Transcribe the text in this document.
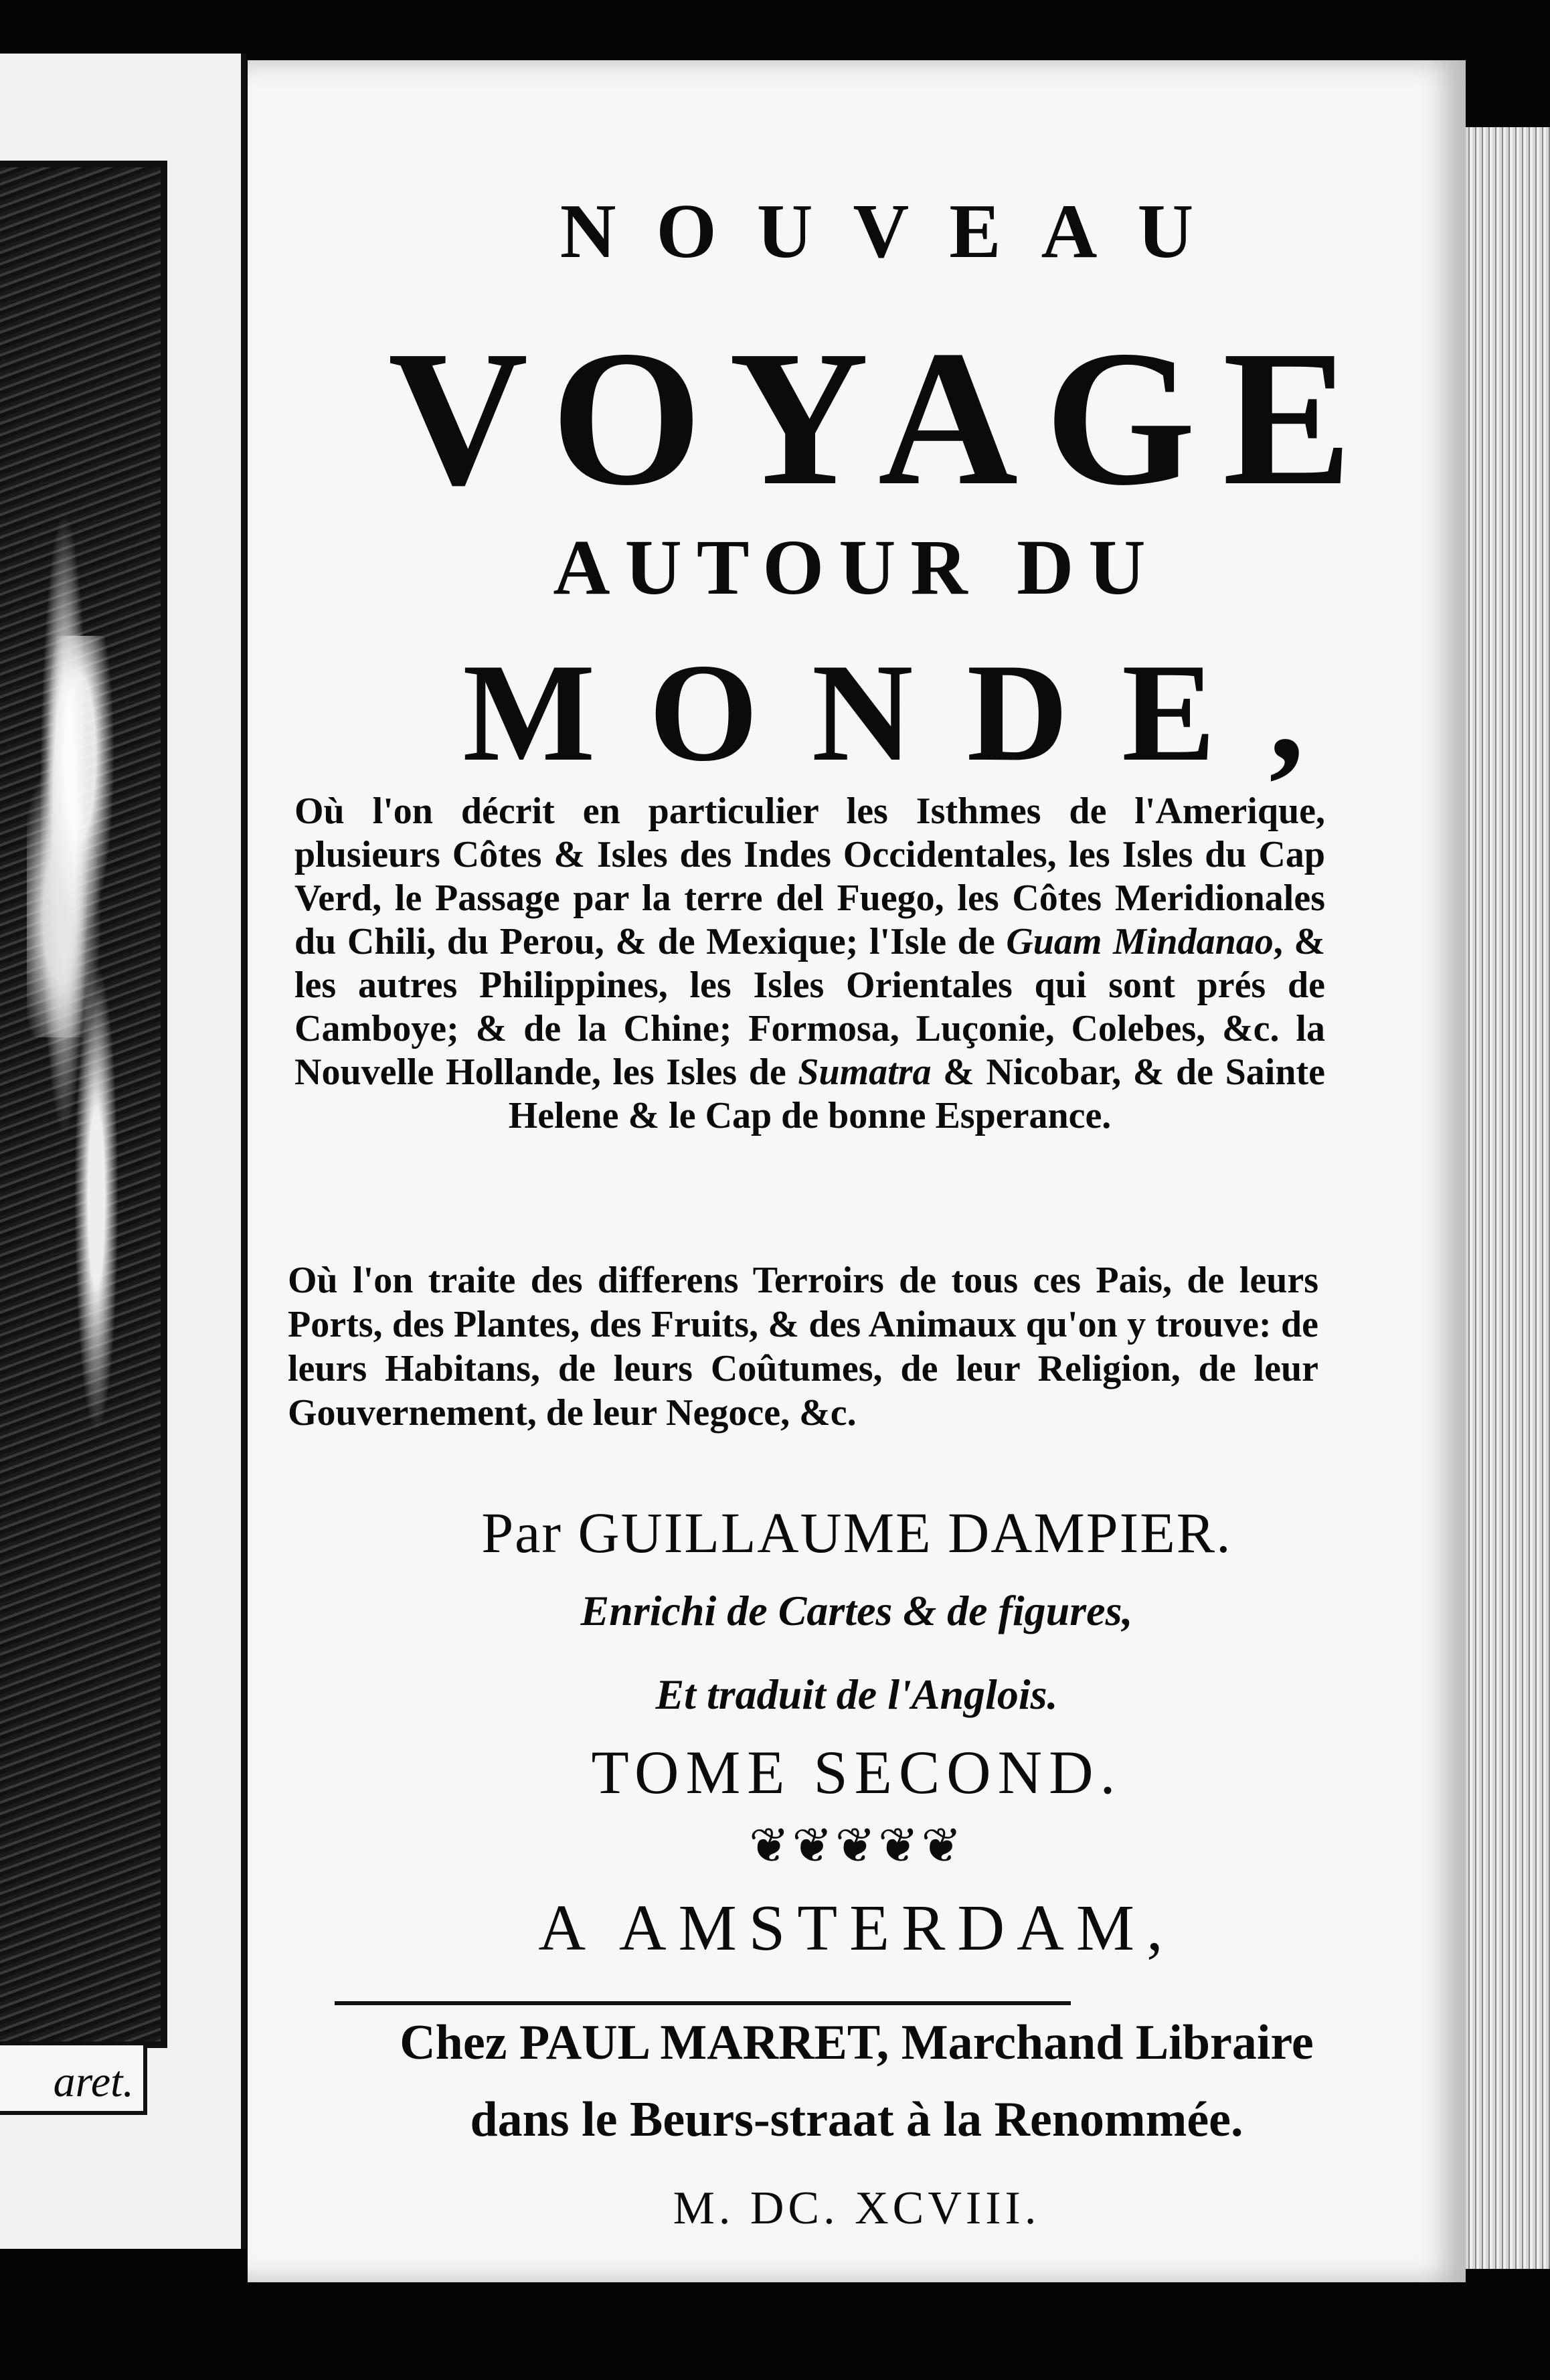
aret.
NOUVEAU
VOYAGE
AUTOUR DU
MONDE,
Où l'on décrit en particulier les Isthmes de l'Amerique, plusieurs Côtes & Isles des Indes Occidentales, les Isles du Cap Verd, le Passage par la terre del Fuego, les Côtes Meridionales du Chili, du Perou, & de Mexique; l'Isle de Guam Mindanao, & les autres Philippines, les Isles Orientales qui sont prés de Camboye; & de la Chine; Formosa, Luçonie, Colebes, &c. la Nouvelle Hollande, les Isles de Sumatra & Nicobar, & de Sainte Helene & le Cap de bonne Esperance.
Où l'on traite des differens Terroirs de tous ces Pais, de leurs Ports, des Plantes, des Fruits, & des Animaux qu'on y trouve: de leurs Habitans, de leurs Coûtumes, de leur Religion, de leur Gouvernement, de leur Negoce, &c.
Par GUILLAUME DAMPIER.
Enrichi de Cartes & de figures,
Et traduit de l'Anglois.
TOME SECOND.
❦❦❦❦❦
A AMSTERDAM,
Chez PAUL MARRET, Marchand Libraire
dans le Beurs-straat à la Renommée.
M. DC. XCVIII.
